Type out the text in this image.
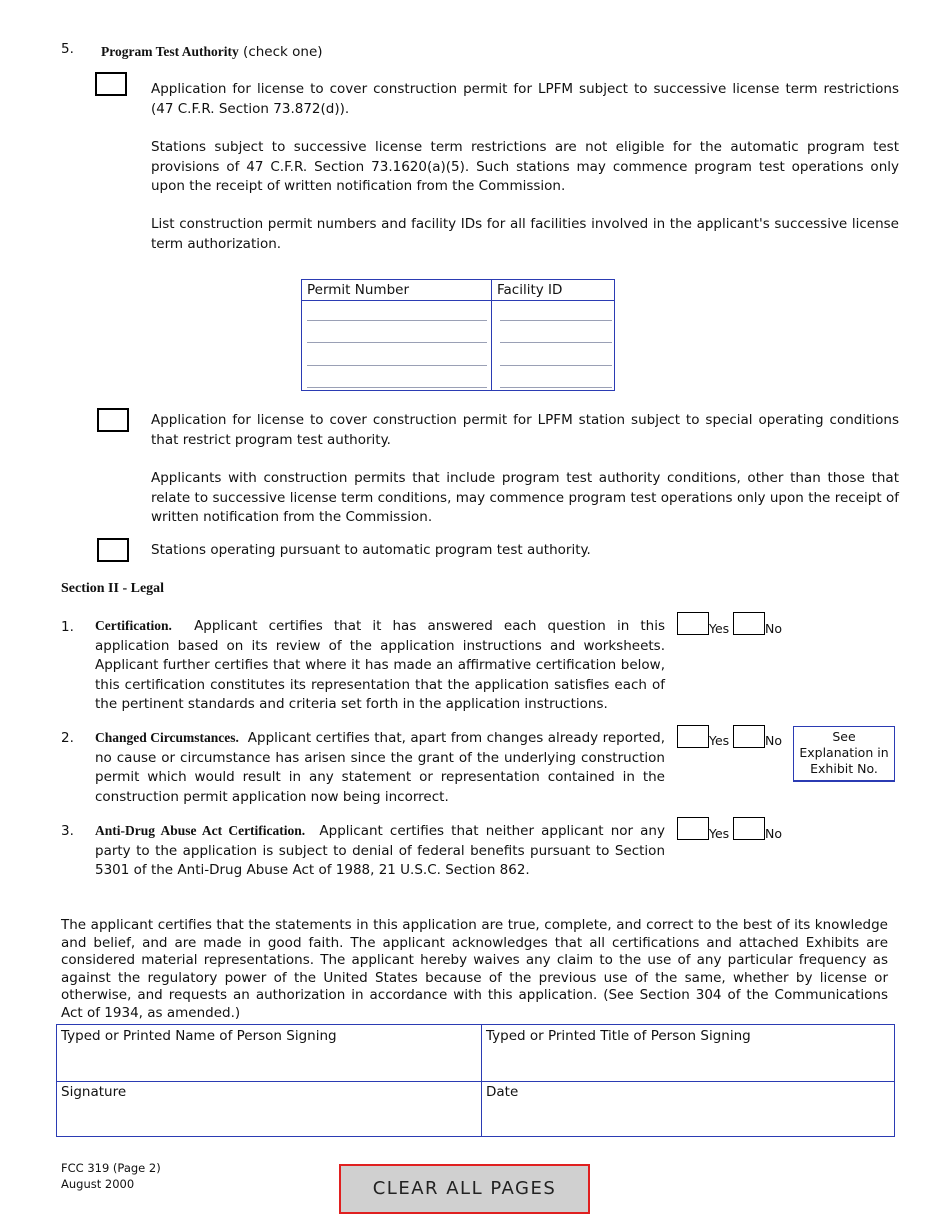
5. Program Test Authority (check one)
Application for license to cover construction permit for LPFM subject to successive license term restrictions (47 C.F.R. Section 73.872(d)).
Stations subject to successive license term restrictions are not eligible for the automatic program test provisions of 47 C.F.R. Section 73.1620(a)(5). Such stations may commence program test operations only upon the receipt of written notification from the Commission.
List construction permit numbers and facility IDs for all facilities involved in the applicant's successive license term authorization.
Permit Number	Facility ID
Application for license to cover construction permit for LPFM station subject to special operating conditions that restrict program test authority.
Applicants with construction permits that include program test authority conditions, other than those that relate to successive license term conditions, may commence program test operations only upon the receipt of written notification from the Commission.
Stations operating pursuant to automatic program test authority.
Section II - Legal
1. Certification. Applicant certifies that it has answered each question in this application based on its review of the application instructions and worksheets. Applicant further certifies that where it has made an affirmative certification below, this certification constitutes its representation that the application satisfies each of the pertinent standards and criteria set forth in the application instructions.
Yes	No
2. Changed Circumstances. Applicant certifies that, apart from changes already reported, no cause or circumstance has arisen since the grant of the underlying construction permit which would result in any statement or representation contained in the construction permit application now being incorrect.
Yes	No	See Explanation in Exhibit No.
3. Anti-Drug Abuse Act Certification. Applicant certifies that neither applicant nor any party to the application is subject to denial of federal benefits pursuant to Section 5301 of the Anti-Drug Abuse Act of 1988, 21 U.S.C. Section 862.
Yes	No
The applicant certifies that the statements in this application are true, complete, and correct to the best of its knowledge and belief, and are made in good faith. The applicant acknowledges that all certifications and attached Exhibits are considered material representations. The applicant hereby waives any claim to the use of any particular frequency as against the regulatory power of the United States because of the previous use of the same, whether by license or otherwise, and requests an authorization in accordance with this application. (See Section 304 of the Communications Act of 1934, as amended.)
Typed or Printed Name of Person Signing	Typed or Printed Title of Person Signing
Signature	Date
FCC 319 (Page 2)
August 2000	CLEAR ALL PAGES
